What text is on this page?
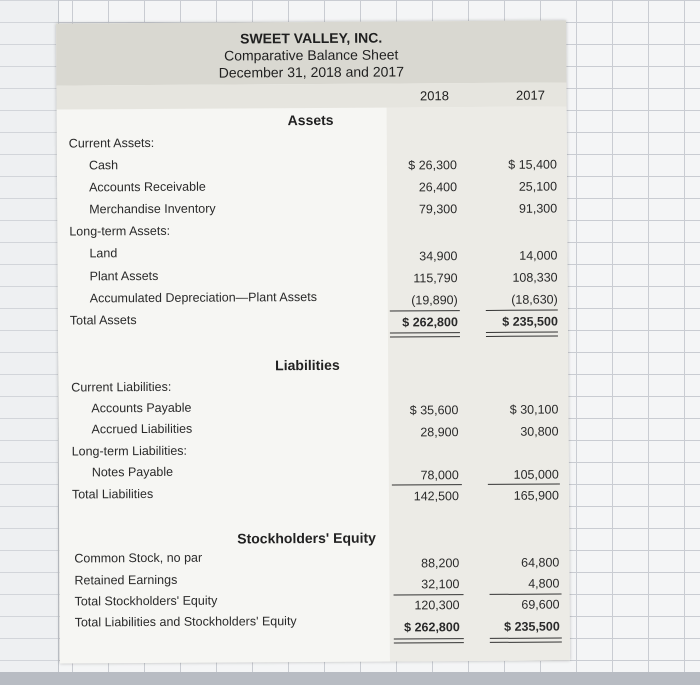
SWEET VALLEY, INC.
Comparative Balance Sheet
December 31, 2018 and 2017
2018	2017
Assets
Current Assets:
Cash	$ 26,300	$ 15,400
Accounts Receivable	26,400	25,100
Merchandise Inventory	79,300	91,300
Long-term Assets:
Land	34,900	14,000
Plant Assets	115,790	108,330
Accumulated Depreciation—Plant Assets	(19,890)	(18,630)
Total Assets	$ 262,800	$ 235,500
Liabilities
Current Liabilities:
Accounts Payable	$ 35,600	$ 30,100
Accrued Liabilities	28,900	30,800
Long-term Liabilities:
Notes Payable	78,000	105,000
Total Liabilities	142,500	165,900
Stockholders' Equity
Common Stock, no par	88,200	64,800
Retained Earnings	32,100	4,800
Total Stockholders' Equity	120,300	69,600
Total Liabilities and Stockholders' Equity	$ 262,800	$ 235,500
